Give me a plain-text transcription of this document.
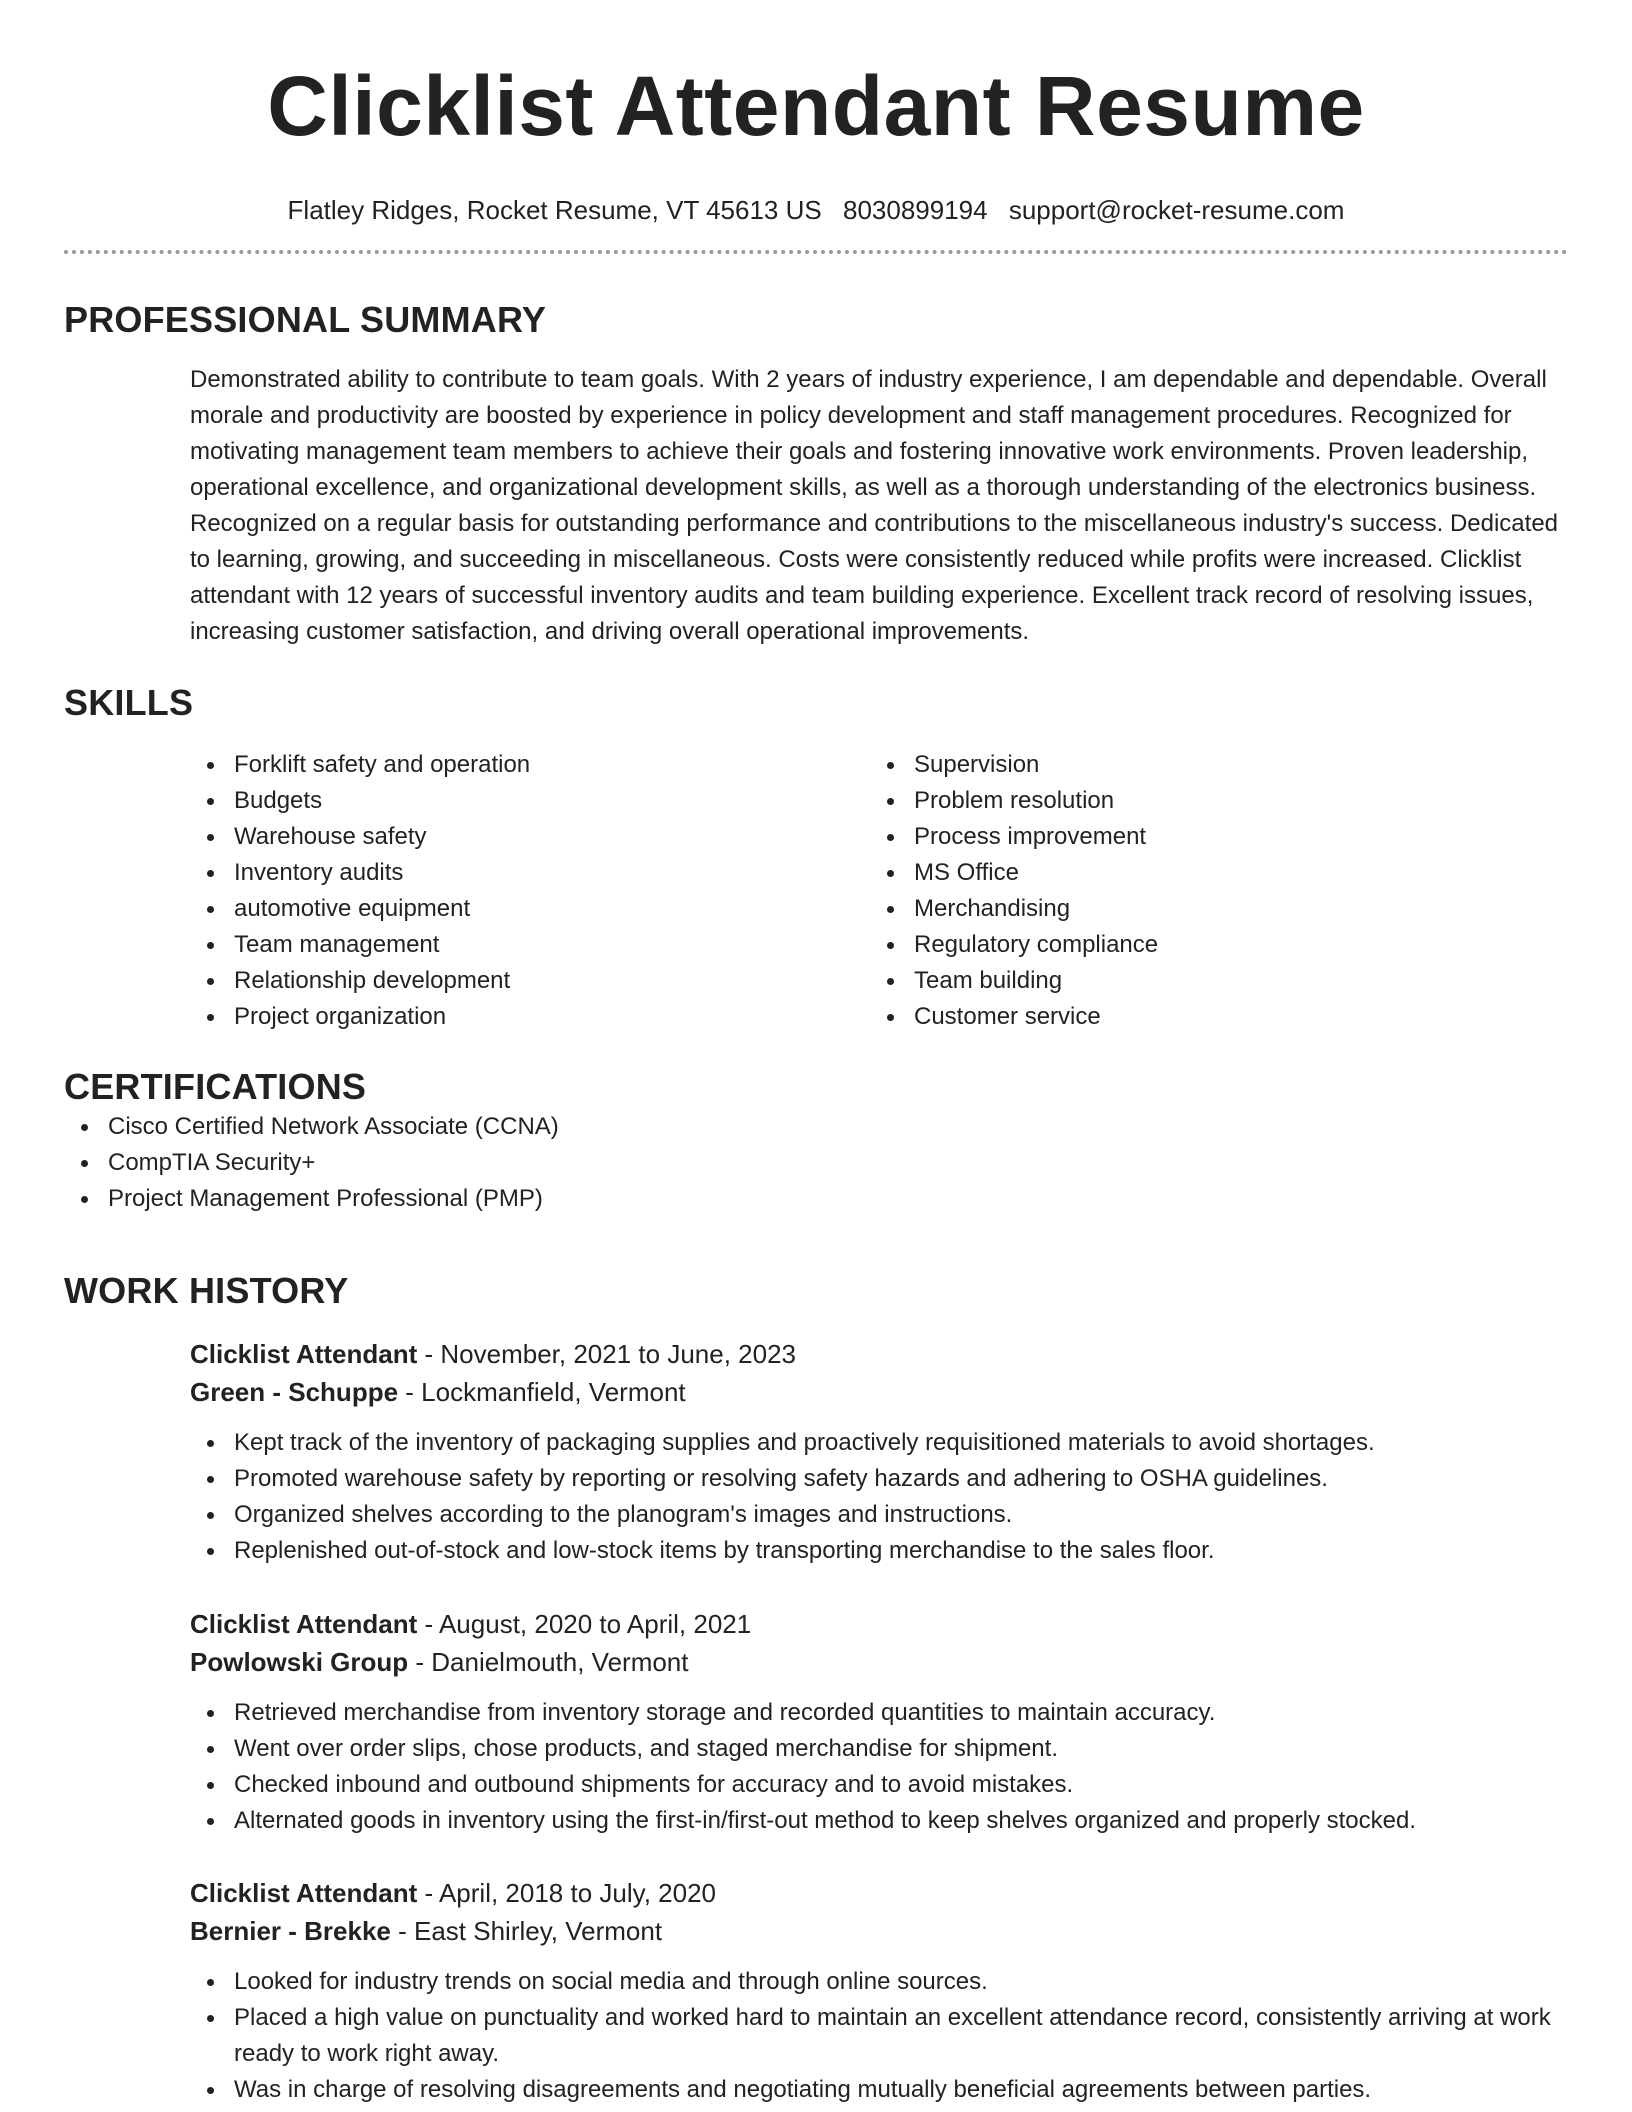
Clicklist Attendant Resume
Flatley Ridges, Rocket Resume, VT 45613 US 8030899194 support@rocket-resume.com
PROFESSIONAL SUMMARY
Demonstrated ability to contribute to team goals. With 2 years of industry experience, I am dependable and dependable. Overall morale and productivity are boosted by experience in policy development and staff management procedures. Recognized for motivating management team members to achieve their goals and fostering innovative work environments. Proven leadership, operational excellence, and organizational development skills, as well as a thorough understanding of the electronics business. Recognized on a regular basis for outstanding performance and contributions to the miscellaneous industry's success. Dedicated to learning, growing, and succeeding in miscellaneous. Costs were consistently reduced while profits were increased. Clicklist attendant with 12 years of successful inventory audits and team building experience. Excellent track record of resolving issues, increasing customer satisfaction, and driving overall operational improvements.
SKILLS
Forklift safety and operation
Budgets
Warehouse safety
Inventory audits
automotive equipment
Team management
Relationship development
Project organization
Supervision
Problem resolution
Process improvement
MS Office
Merchandising
Regulatory compliance
Team building
Customer service
CERTIFICATIONS
Cisco Certified Network Associate (CCNA)
CompTIA Security+
Project Management Professional (PMP)
WORK HISTORY
Clicklist Attendant - November, 2021 to June, 2023
Green - Schuppe - Lockmanfield, Vermont
Kept track of the inventory of packaging supplies and proactively requisitioned materials to avoid shortages.
Promoted warehouse safety by reporting or resolving safety hazards and adhering to OSHA guidelines.
Organized shelves according to the planogram's images and instructions.
Replenished out-of-stock and low-stock items by transporting merchandise to the sales floor.
Clicklist Attendant - August, 2020 to April, 2021
Powlowski Group - Danielmouth, Vermont
Retrieved merchandise from inventory storage and recorded quantities to maintain accuracy.
Went over order slips, chose products, and staged merchandise for shipment.
Checked inbound and outbound shipments for accuracy and to avoid mistakes.
Alternated goods in inventory using the first-in/first-out method to keep shelves organized and properly stocked.
Clicklist Attendant - April, 2018 to July, 2020
Bernier - Brekke - East Shirley, Vermont
Looked for industry trends on social media and through online sources.
Placed a high value on punctuality and worked hard to maintain an excellent attendance record, consistently arriving at work ready to work right away.
Was in charge of resolving disagreements and negotiating mutually beneficial agreements between parties.
